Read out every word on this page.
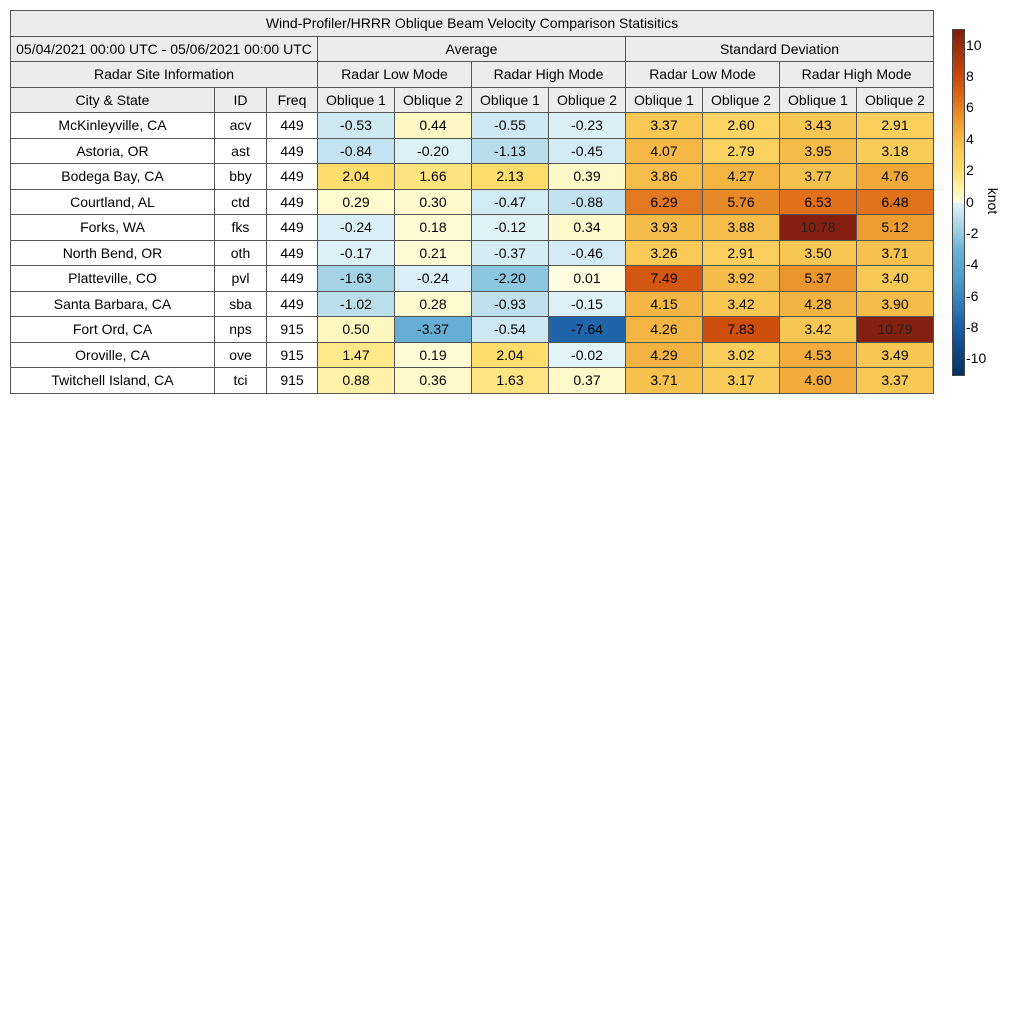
Wind-Profiler/HRRR Oblique Beam Velocity Comparison Statisitics										
05/04/2021 00:00 UTC - 05/06/2021 00:00 UTC			Average				Standard Deviation			
Radar Site Information			Radar Low Mode		Radar High Mode		Radar Low Mode		Radar High Mode	
City & State	ID	Freq	Oblique 1	Oblique 2	Oblique 1	Oblique 2	Oblique 1	Oblique 2	Oblique 1	Oblique 2
McKinleyville, CA	acv	449	-0.53	0.44	-0.55	-0.23	3.37	2.60	3.43	2.91
Astoria, OR	ast	449	-0.84	-0.20	-1.13	-0.45	4.07	2.79	3.95	3.18
Bodega Bay, CA	bby	449	2.04	1.66	2.13	0.39	3.86	4.27	3.77	4.76
Courtland, AL	ctd	449	0.29	0.30	-0.47	-0.88	6.29	5.76	6.53	6.48
Forks, WA	fks	449	-0.24	0.18	-0.12	0.34	3.93	3.88	10.78	5.12
North Bend, OR	oth	449	-0.17	0.21	-0.37	-0.46	3.26	2.91	3.50	3.71
Platteville, CO	pvl	449	-1.63	-0.24	-2.20	0.01	7.49	3.92	5.37	3.40
Santa Barbara, CA	sba	449	-1.02	0.28	-0.93	-0.15	4.15	3.42	4.28	3.90
Fort Ord, CA	nps	915	0.50	-3.37	-0.54	-7.64	4.26	7.83	3.42	10.79
Oroville, CA	ove	915	1.47	0.19	2.04	-0.02	4.29	3.02	4.53	3.49
Twitchell Island, CA	tci	915	0.88	0.36	1.63	0.37	3.71	3.17	4.60	3.37
10
8
6
4
2
0
-2
-4
-6
-8
-10
knot
